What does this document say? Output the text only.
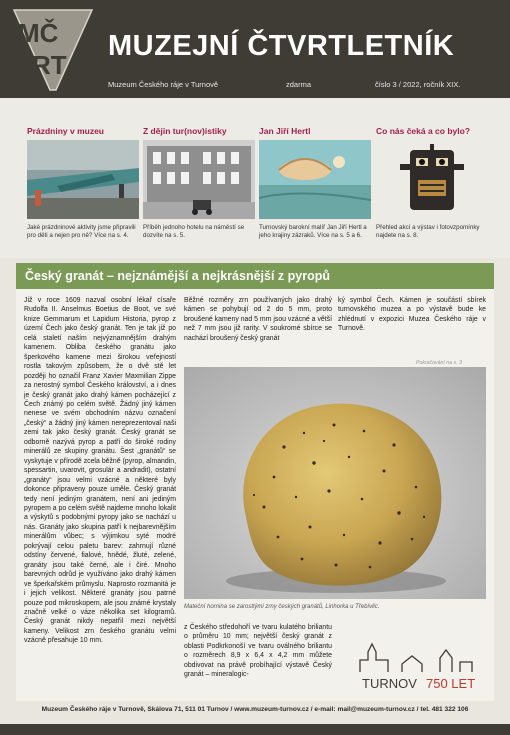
MČ
RT
MUZEJNÍ ČTVRTLETNÍK
Muzeum Českého ráje v Turnově	zdarma	číslo 3 / 2022, ročník XIX.
Prázdniny v muzeu
Jaké prázdninové aktivity jsme připravili pro děti a nejen pro ně? Více na s. 4.
Z dějin tur(nov)istiky
Příběh jednoho hotelu na náměstí se dozvíte na s. 5.
Jan Jiří Hertl
Turnovský barokní malíř Jan Jiří Hertl a jeho krajiny zázraků. Více na s. 5 a 6.
Co nás čeká a co bylo?
Přehled akcí a výstav i fotovzpomínky najdete na s. 8.
Český granát – nejznámější a nejkrásnější z pyropů
Již v roce 1609 nazval osobní lékař císaře Rudolfa II. Anselmus Boetius de Boot, ve své knize Gemmarum et Lapidum Historia, pyrop z území Čech jako český granát. Ten je tak již po celá staletí naším nejvýznamnějším drahým kamenem. Obliba českého granátu jako šperkového kamene mezi širokou veřejností rostla takovým způsobem, že o dvě stě let později ho označil Franz Xavier Maxmilian Zippe za nerostný symbol Českého království, a i dnes je český granát jako drahý kámen pocházející z Čech známý po celém světě. Žádný jiný kámen nenese ve svém obchodním názvu označení „český“ a žádný jiný kámen nereprezentoval naši zemi tak jako český granát. Český granát se odborně nazývá pyrop a patří do široké rodiny minerálů ze skupiny granátu. Šest „granátů“ se vyskytuje v přírodě zcela běžně (pyrop, almandin, spessartin, uvarovit, grosulár a andradit), ostatní „granáty“ jsou velmi vzácné a některé byly dokonce připraveny pouze uměle. Český granát tedy není jediným granátem, není ani jediným pyropem a po celém světě najdeme mnoho lokalit a výskytů s podobnými pyropy jako se nachází u nás. Granáty jako skupina patří k nejbarevnějším minerálům vůbec; s výjimkou syté modré pokrývají celou paletu barev: zahrnují různé odstíny červené, fialové, hnědé, žluté, zelené, granáty jsou také černé, ale i čiré. Mnoho barevných odrůd je využíváno jako drahý kámen ve šperkařském průmyslu. Naprosto rozmanitá je i jejich velikost. Některé granáty jsou patrné pouze pod mikroskopem, ale jsou známé krystaly značně velké o váze několika set kilogramů. Český granát nikdy nepatřil mezi největší kameny. Velikost zrn českého granátu velmi vzácně přesahuje 10 mm.
Běžné rozměry zrn používaných jako drahý kámen se pohybují od 2 do 5 mm, proto broušené kameny nad 5 mm jsou vzácné a větší než 7 mm jsou již rarity. V soukromé sbírce se nachází broušený český granát
ký symbol Čech. Kámen je součástí sbírek turnovského muzea a po výstavě bude ke zhlédnutí v expozici Muzea Českého ráje v Turnově.
Pokračování na s. 3
Mateční hornina se zarostlými zrny českých granátů, Linhorka u Třebívlic.
z Českého středohoří ve tvaru kulatého briliantu o průměru 10 mm; největší český granát z oblasti Podkrkonoší ve tvaru oválného briliantu o rozměrech 8,9 x 6,4 x 4,2 mm můžete obdivovat na právě probíhající výstavě Český granát – mineralogic-
TURNOV 750 LET
Muzeum Českého ráje v Turnově, Skálova 71, 511 01 Turnov / www.muzeum-turnov.cz / e-mail: mail@muzeum-turnov.cz / tel. 481 322 106
